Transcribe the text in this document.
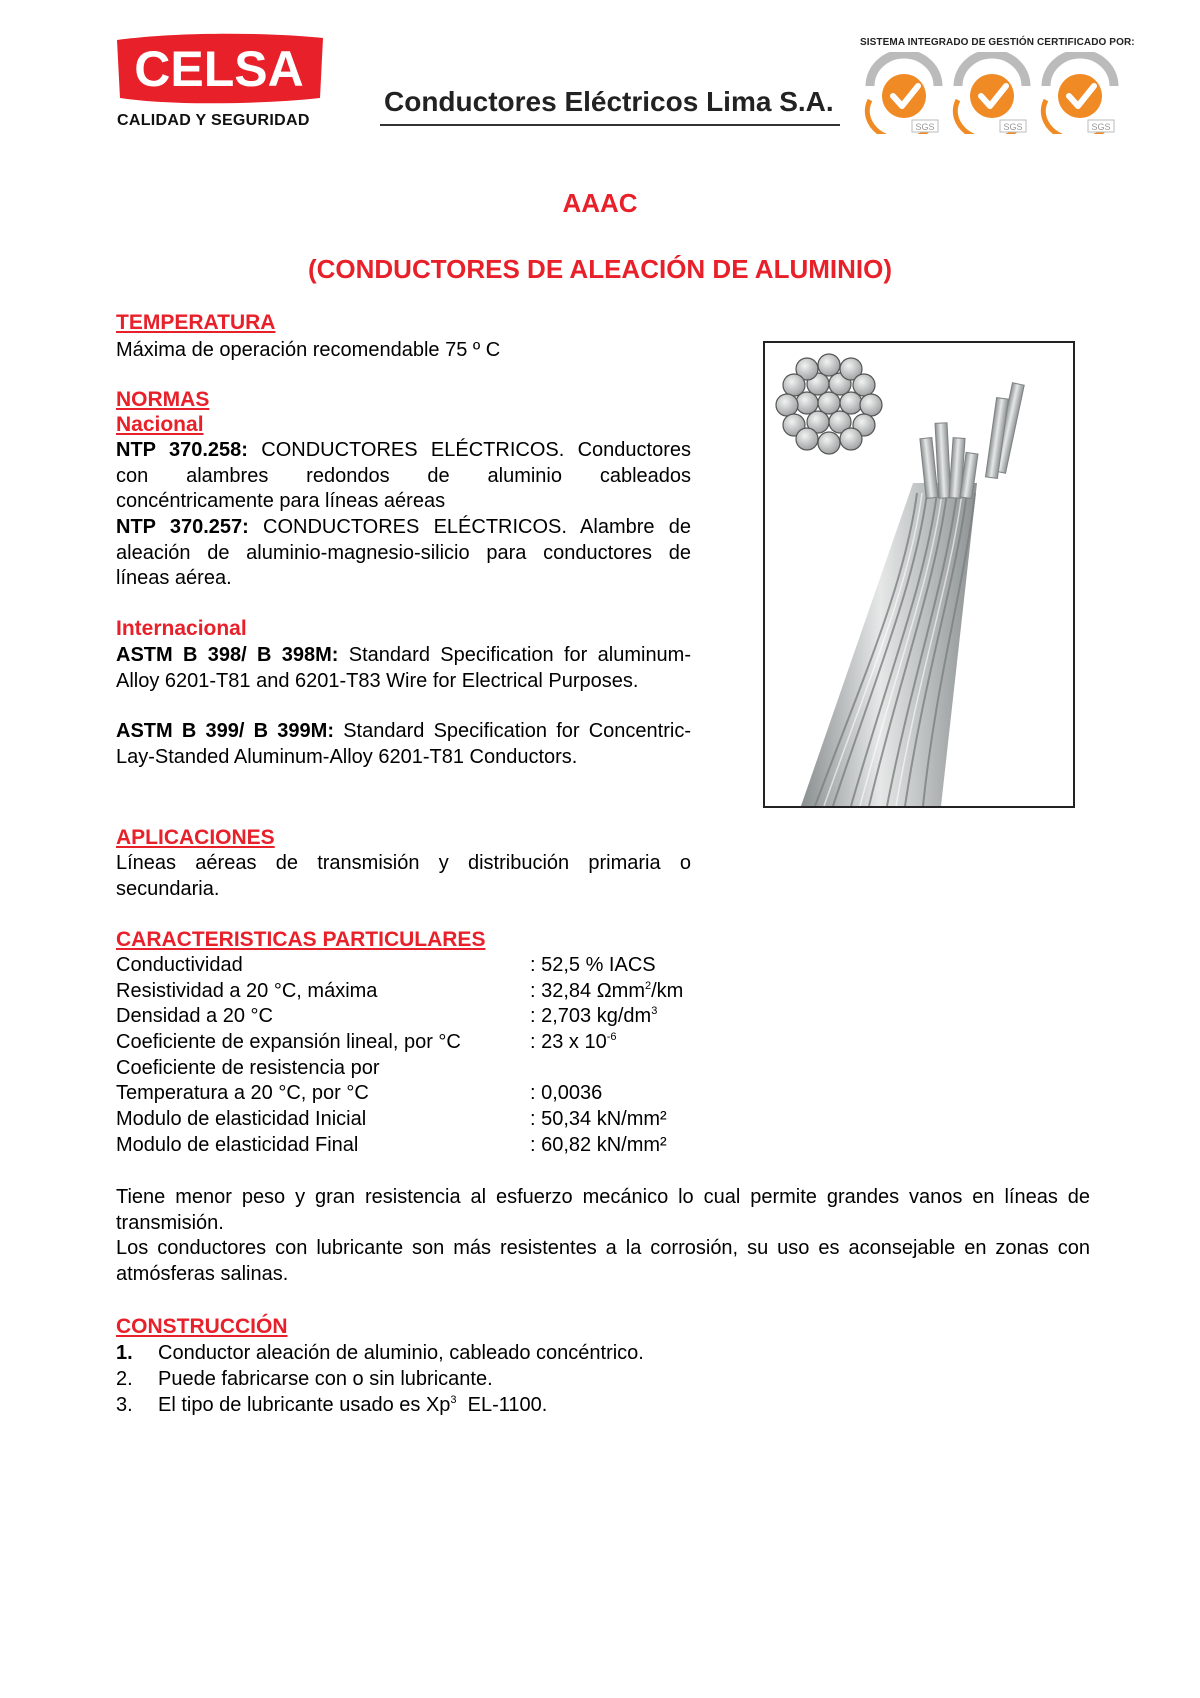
CELSA
CALIDAD Y SEGURIDAD
Conductores Eléctricos Lima S.A.
SISTEMA INTEGRADO DE GESTIÓN CERTIFICADO POR:
SGS	SGS	SGS
AAAC
(CONDUCTORES DE ALEACIÓN DE ALUMINIO)
TEMPERATURA
Máxima de operación recomendable 75 º C
NORMAS
Nacional
NTP 370.258: CONDUCTORES ELÉCTRICOS. Conductores con alambres redondos de aluminio cableados concéntricamente para líneas aéreas
NTP 370.257: CONDUCTORES ELÉCTRICOS. Alambre de aleación de aluminio-magnesio-silicio para conductores de líneas aérea.
Internacional
ASTM B 398/ B 398M: Standard Specification for aluminum-Alloy 6201-T81 and 6201-T83 Wire for Electrical Purposes.
ASTM B 399/ B 399M: Standard Specification for Concentric-Lay-Standed Aluminum-Alloy 6201-T81 Conductors.
APLICACIONES
Líneas aéreas de transmisión y distribución primaria o secundaria.
CARACTERISTICAS PARTICULARES
Conductividad	: 52,5 % IACS
Resistividad a 20 °C, máxima	: 32,84 Ωmm$^2$/km
Densidad a 20 °C	: 2,703 $kg/dm^3$
Coeficiente de expansión lineal, por °C	: 23 x $10^{-6}$
Coeficiente de resistencia por
Temperatura a 20 °C, por °C	: 0,0036
Modulo de elasticidad Inicial	: 50,34 kN/mm²
Modulo de elasticidad Final	: 60,82 kN/mm²
Tiene menor peso y gran resistencia al esfuerzo mecánico lo cual permite grandes vanos en líneas de transmisión.
Los conductores con lubricante son más resistentes a la corrosión, su uso es aconsejable en zonas con atmósferas salinas.
CONSTRUCCIÓN
1. Conductor aleación de aluminio, cableado concéntrico.
2. Puede fabricarse con o sin lubricante.
3. El tipo de lubricante usado es Xp$^3$  EL-1100.
